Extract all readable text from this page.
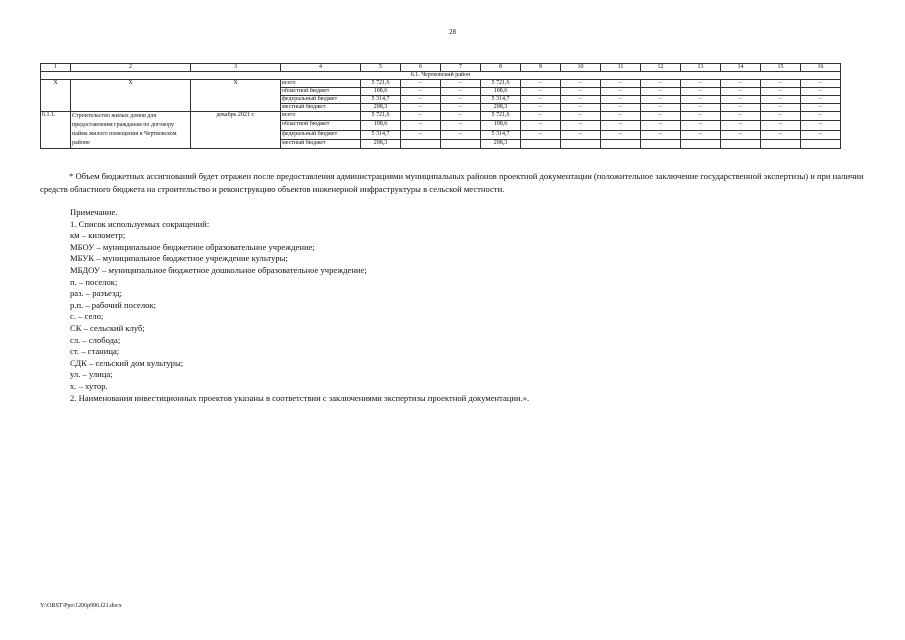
28
1	2	3	4	5	6	7	8	9	10	11	12	13	14	15	16
6.1. Чертковский район															
Х	Х	Х	всего	5 721,6	–	–	5 721,6	–	–	–	–	–	–	–	–
			областной бюджет	108,6	–	–	108,6	–	–	–	–	–	–	–	–
			федеральный бюджет	5 314,7	–	–	5 314,7	–	–	–	–	–	–	–	–
			местный бюджет	298,3	–	–	298,3	–	–	–	–	–	–	–	–
6.1.1.	Строительство жилых домов для предоставления гражданам по договору найма жилого помещения в Чертковском районе	декабрь 2021 г.	всего	5 721,6	–	–	5 721,6	–	–	–	–	–	–	–	–
			областной бюджет	108,6	–	–	108,6	–	–	–	–	–	–	–	–
			федеральный бюджет	5 314,7	–	–	5 314,7	–	–	–	–	–	–	–	–
			местный бюджет	298,3			298,3								
* Объем бюджетных ассигнований будет отражен после предоставления администрациями муниципальных районов проектной документации (положительное заключение государственной экспертизы) и при наличии средств областного бюджета на строительство и реконструкцию объектов инженерной инфраструктуры в сельской местности.
Примечание.
1. Список используемых сокращений:
км – километр;
МБОУ – муниципальное бюджетное образовательное учреждение;
МБУК – муниципальное бюджетное учреждение культуры;
МБДОУ – муниципальное бюджетное дошкольное образовательное учреждение;
п. – поселок;
раз. – разъезд;
р.п. – рабочий поселок;
с. – село;
СК – сельский клуб;
сл. – слобода;
ст. – станица;
СДК – сельский дом культуры;
ул. – улица;
х. – хутор.
2. Наименования инвестиционных проектов указаны в соответствии с заключениями экспертизы проектной документации.».
Y:\ORST\Ppo\1206p996.f21.docx
